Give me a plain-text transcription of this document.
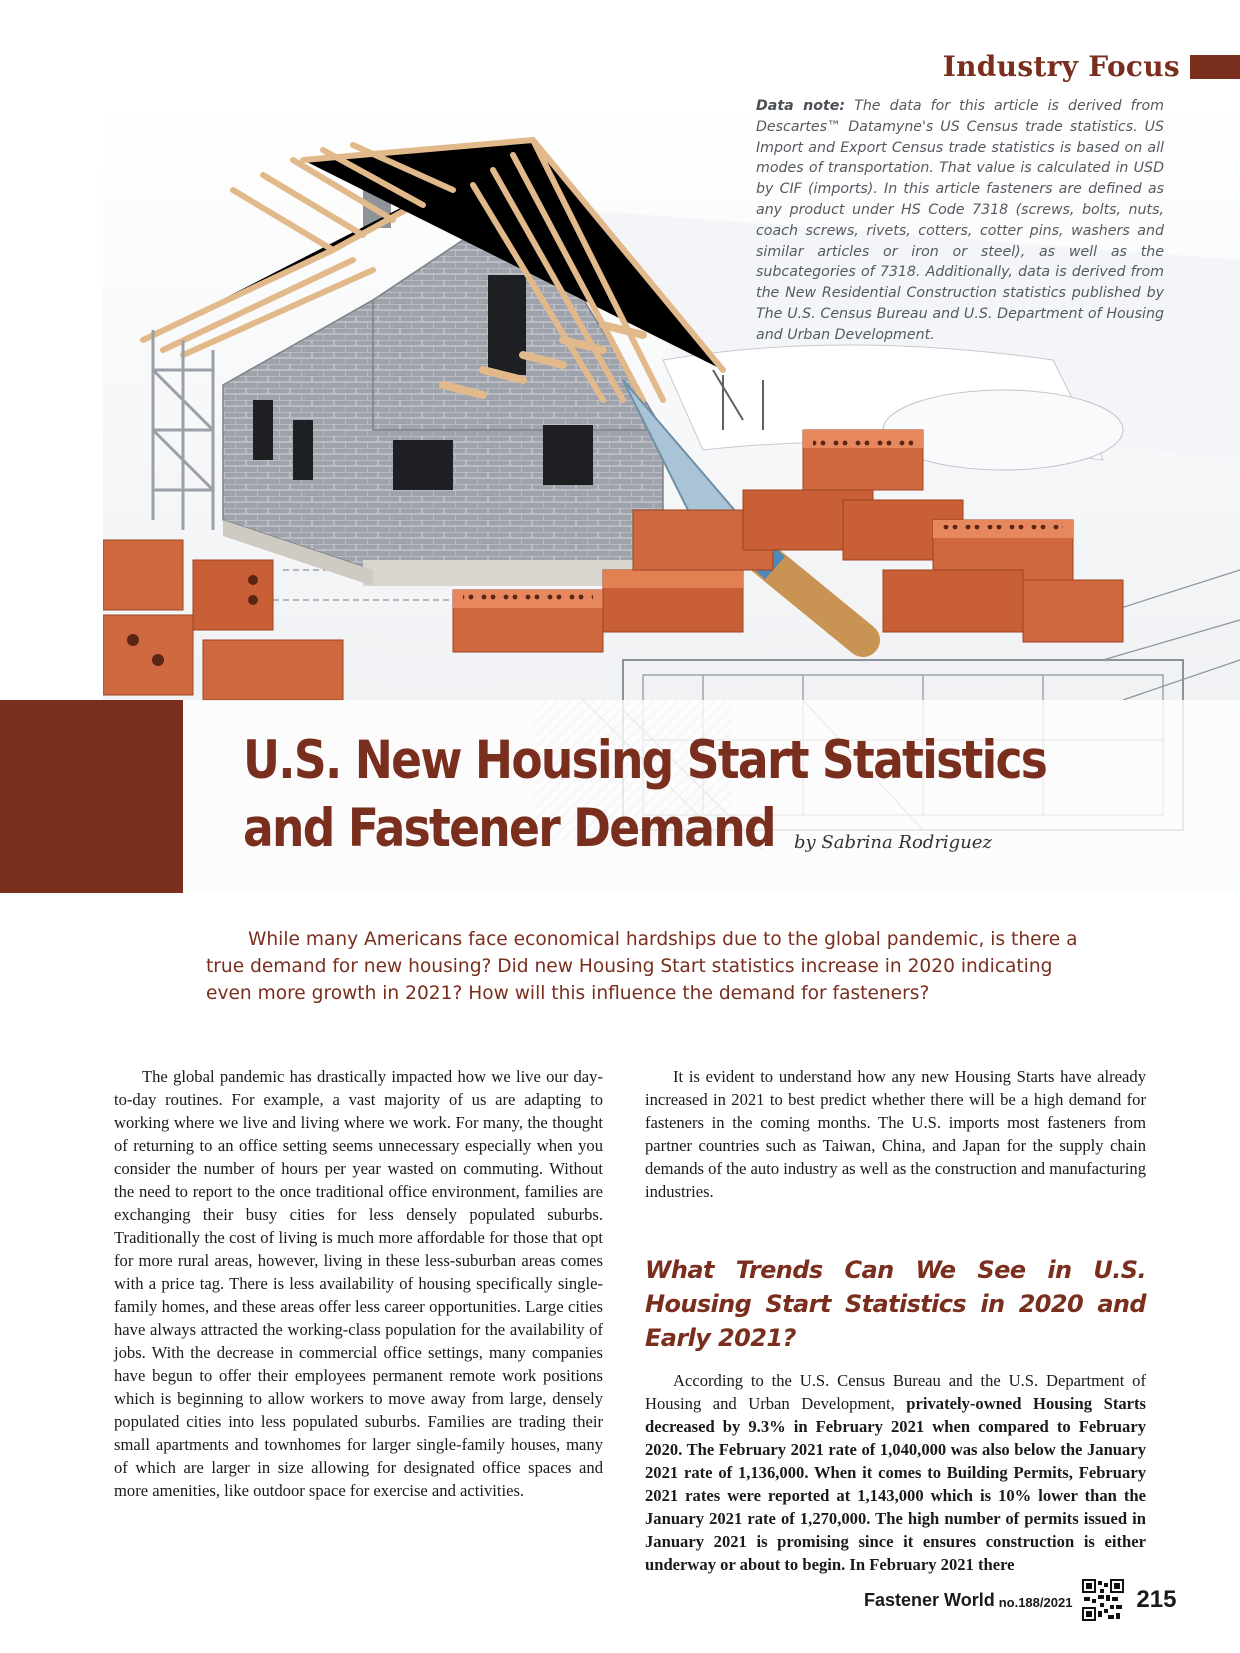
Industry Focus
Data note: The data for this article is derived from Descartes™ Datamyne's US Census trade statistics. US Import and Export Census trade statistics is based on all modes of transportation. That value is calculated in USD by CIF (imports). In this article fasteners are defined as any product under HS Code 7318 (screws, bolts, nuts, coach screws, rivets, cotters, cotter pins, washers and similar articles or iron or steel), as well as the subcategories of 7318. Additionally, data is derived from the New Residential Construction statistics published by The U.S. Census Bureau and U.S. Department of Housing and Urban Development.
U.S. New Housing Start Statistics
and Fastener Demand	by Sabrina Rodriguez

While many Americans face economical hardships due to the global pandemic, is there a true demand for new housing? Did new Housing Start statistics increase in 2020 indicating even more growth in 2021? How will this influence the demand for fasteners?

The global pandemic has drastically impacted how we live our day-to-day routines. For example, a vast majority of us are adapting to working where we live and living where we work. For many, the thought of returning to an office setting seems unnecessary especially when you consider the number of hours per year wasted on commuting. Without the need to report to the once traditional office environment, families are exchanging their busy cities for less densely populated suburbs. Traditionally the cost of living is much more affordable for those that opt for more rural areas, however, living in these less-suburban areas comes with a price tag. There is less availability of housing specifically single-family homes, and these areas offer less career opportunities. Large cities have always attracted the working-class population for the availability of jobs. With the decrease in commercial office settings, many companies have begun to offer their employees permanent remote work positions which is beginning to allow workers to move away from large, densely populated cities into less populated suburbs. Families are trading their small apartments and townhomes for larger single-family houses, many of which are larger in size allowing for designated office spaces and more amenities, like outdoor space for exercise and activities.

It is evident to understand how any new Housing Starts have already increased in 2021 to best predict whether there will be a high demand for fasteners in the coming months. The U.S. imports most fasteners from partner countries such as Taiwan, China, and Japan for the supply chain demands of the auto industry as well as the construction and manufacturing industries.

What Trends Can We See in U.S. Housing Start Statistics in 2020 and Early 2021?

According to the U.S. Census Bureau and the U.S. Department of Housing and Urban Development, privately-owned Housing Starts decreased by 9.3% in February 2021 when compared to February 2020. The February 2021 rate of 1,040,000 was also below the January 2021 rate of 1,136,000. When it comes to Building Permits, February 2021 rates were reported at 1,143,000 which is 10% lower than the January 2021 rate of 1,270,000. The high number of permits issued in January 2021 is promising since it ensures construction is either underway or about to begin. In February 2021 there

Fastener World no.188/2021	215
